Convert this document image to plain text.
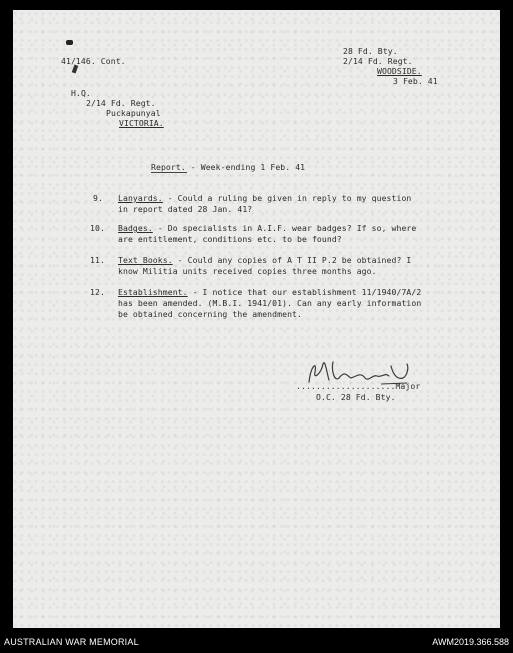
41/146. Cont.
28 Fd. Bty.
2/14 Fd. Regt.
WOODSIDE.
3 Feb. 41
H.Q.
2/14 Fd. Regt.
Puckapunyal
VICTORIA.
Report. - Week-ending 1 Feb. 41
9. Lanyards. - Could a ruling be given in reply to my question
in report dated 28 Jan. 41?
10. Badges. - Do specialists in A.I.F. wear badges? If so, where
are entitlement, conditions etc. to be found?
11. Text Books. - Could any copies of A T II P.2 be obtained? I
know Militia units received copies three months ago.
12. Establishment. - I notice that our establishment 11/1940/7A/2
has been amended. (M.B.I. 1941/01). Can any early information
be obtained concerning the amendment.
....................Major
O.C. 28 Fd. Bty.
AUSTRALIAN WAR MEMORIAL	AWM2019.366.588
